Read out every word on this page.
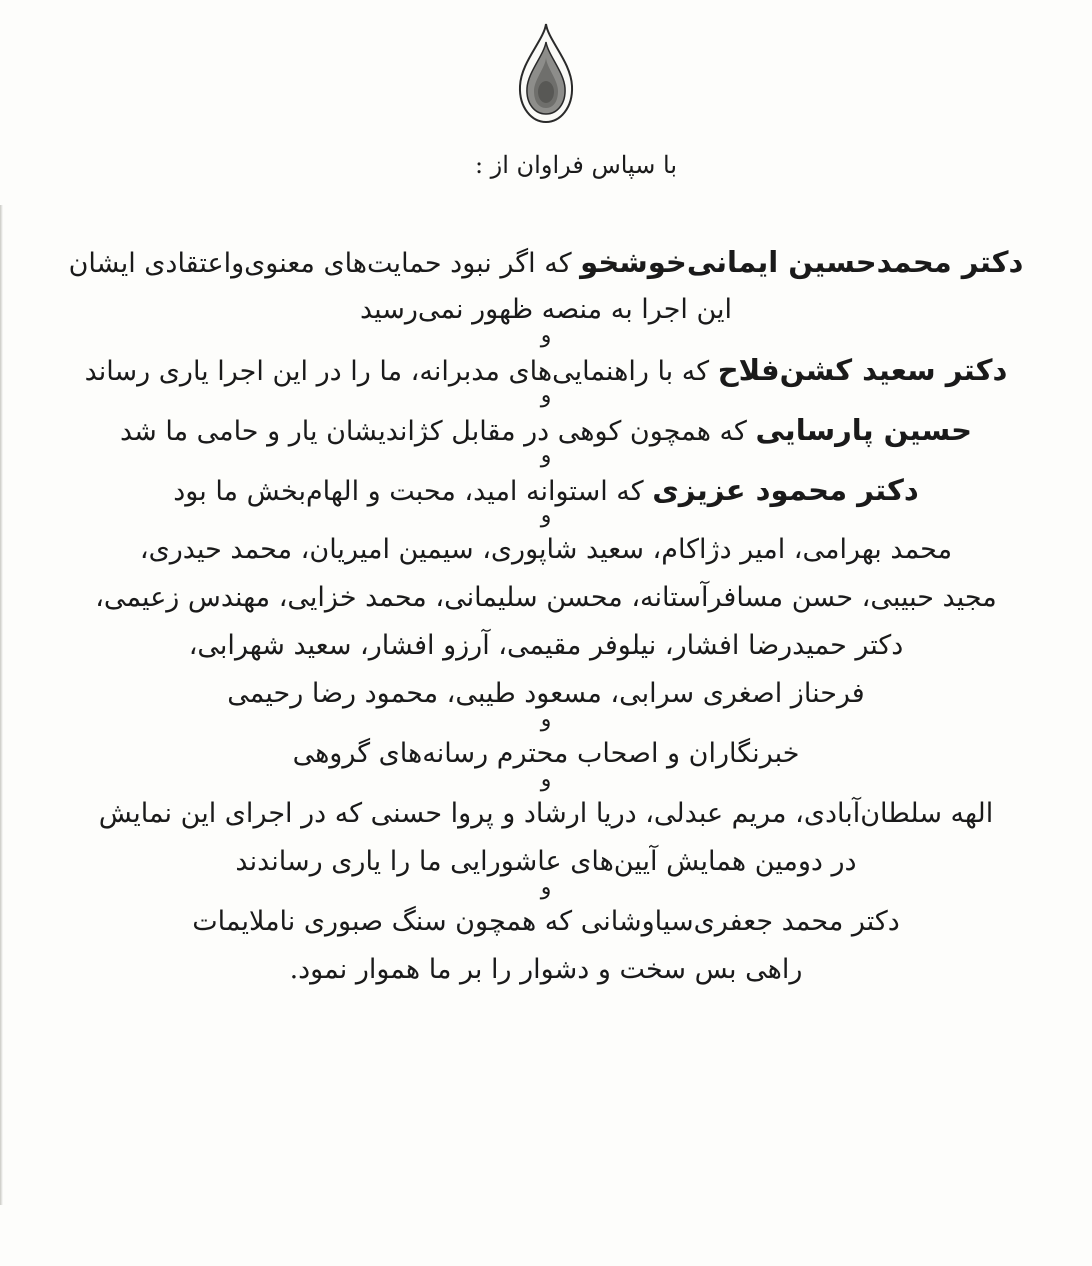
با سپاس فراوان از :
دکتر محمدحسین ایمانی‌خوشخو که اگر نبود حمایت‌های معنوی‌واعتقادی ایشان
این اجرا به منصه ظهور نمی‌رسید
و
دکتر سعید کشن‌فلاح که با راهنمایی‌های مدبرانه، ما را در این اجرا یاری رساند
و
حسین پارسایی که همچون کوهی در مقابل کژاندیشان یار و حامی ما شد
و
دکتر محمود عزیزی که استوانه امید، محبت و الهام‌بخش ما بود
و
محمد بهرامی، امیر دژاکام، سعید شاپوری، سیمین امیریان، محمد حیدری،
مجید حبیبی، حسن مسافرآستانه، محسن سلیمانی، محمد خزایی، مهندس زعیمی،
دکتر حمیدرضا افشار، نیلوفر مقیمی، آرزو افشار، سعید شهرابی،
فرحناز اصغری سرابی، مسعود طیبی، محمود رضا رحیمی
و
خبرنگاران و اصحاب محترم رسانه‌های گروهی
و
الهه سلطان‌آبادی، مریم عبدلی، دریا ارشاد و پروا حسنی که در اجرای این نمایش
در دومین همایش آیین‌های عاشورایی ما را یاری رساندند
و
دکتر محمد جعفری‌سیاوشانی که همچون سنگ صبوری ناملایمات
راهی بس سخت و دشوار را بر ما هموار نمود.
